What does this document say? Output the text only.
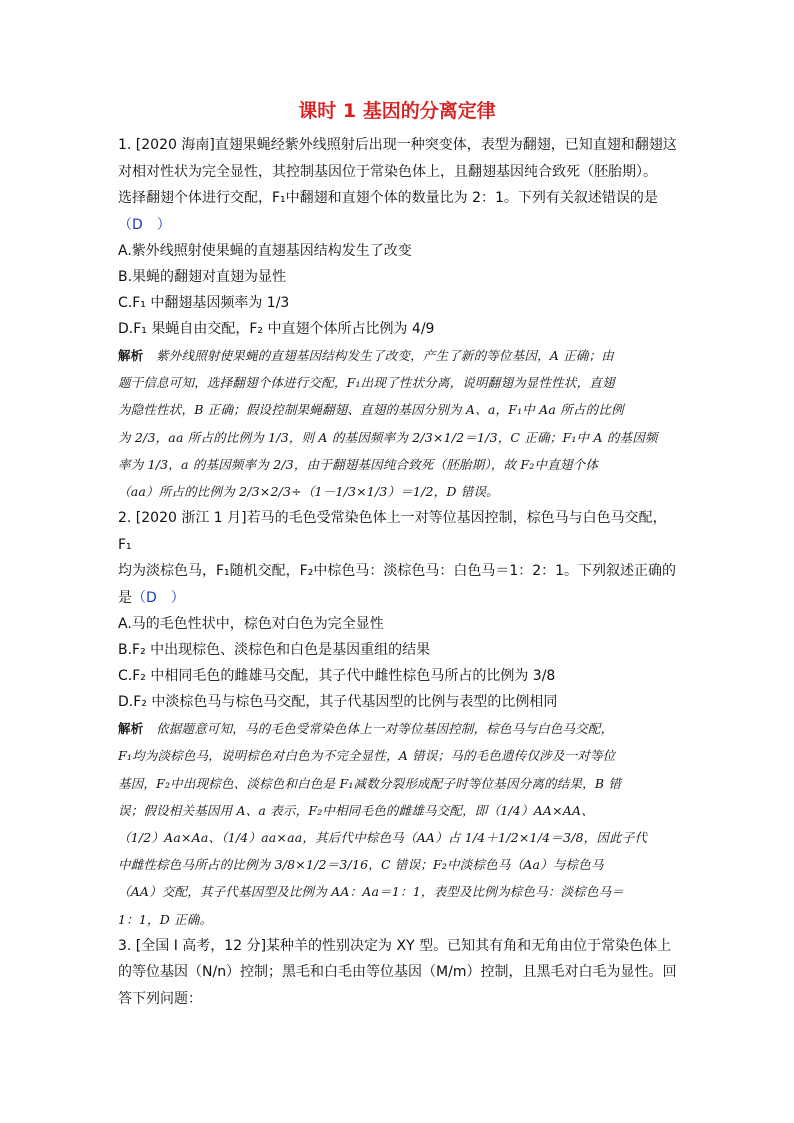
课时 1 基因的分离定律

1. [2020 海南]直翅果蝇经紫外线照射后出现一种突变体，表型为翻翅，已知直翅和翻翅这

对相对性状为完全显性，其控制基因位于常染色体上，且翻翅基因纯合致死（胚胎期）。

选择翻翅个体进行交配，F₁中翻翅和直翅个体的数量比为 2：1。下列有关叙述错误的是

（D　）

A.紫外线照射使果蝇的直翅基因结构发生了改变

B.果蝇的翻翅对直翅为显性

C.F₁ 中翻翅基因频率为 1/3

D.F₁ 果蝇自由交配，F₂ 中直翅个体所占比例为 4/9

解析　紫外线照射使果蝇的直翅基因结构发生了改变，产生了新的等位基因，A 正确；由

题干信息可知，选择翻翅个体进行交配，F₁出现了性状分离，说明翻翅为显性性状，直翅

为隐性性状，B 正确；假设控制果蝇翻翅、直翅的基因分别为 A、a，F₁中 Aa 所占的比例

为 2/3，aa 所占的比例为 1/3，则 A 的基因频率为 2/3×1/2＝1/3，C 正确；F₁中 A 的基因频

率为 1/3，a 的基因频率为 2/3，由于翻翅基因纯合致死（胚胎期），故 F₂中直翅个体

（aa）所占的比例为 2/3×2/3÷（1－1/3×1/3）＝1/2，D 错误。

2. [2020 浙江 1 月]若马的毛色受常染色体上一对等位基因控制，棕色马与白色马交配，F₁

均为淡棕色马，F₁随机交配，F₂中棕色马：淡棕色马：白色马＝1：2：1。下列叙述正确的

是（D　）

A.马的毛色性状中，棕色对白色为完全显性

B.F₂ 中出现棕色、淡棕色和白色是基因重组的结果

C.F₂ 中相同毛色的雌雄马交配，其子代中雌性棕色马所占的比例为 3/8

D.F₂ 中淡棕色马与棕色马交配，其子代基因型的比例与表型的比例相同

解析　依据题意可知，马的毛色受常染色体上一对等位基因控制，棕色马与白色马交配，

F₁均为淡棕色马，说明棕色对白色为不完全显性，A 错误；马的毛色遗传仅涉及一对等位

基因，F₂中出现棕色、淡棕色和白色是 F₁减数分裂形成配子时等位基因分离的结果，B 错

误；假设相关基因用 A、a 表示，F₂中相同毛色的雌雄马交配，即（1/4）AA×AA、

（1/2）Aa×Aa、（1/4）aa×aa，其后代中棕色马（AA）占 1/4＋1/2×1/4＝3/8，因此子代

中雌性棕色马所占的比例为 3/8×1/2＝3/16，C 错误；F₂中淡棕色马（Aa）与棕色马

（AA）交配，其子代基因型及比例为 AA：Aa＝1：1，表型及比例为棕色马：淡棕色马＝

1：1，D 正确。

3. [全国 I 高考，12 分]某种羊的性别决定为 XY 型。已知其有角和无角由位于常染色体上

的等位基因（N/n）控制；黑毛和白毛由等位基因（M/m）控制，且黑毛对白毛为显性。回

答下列问题：
